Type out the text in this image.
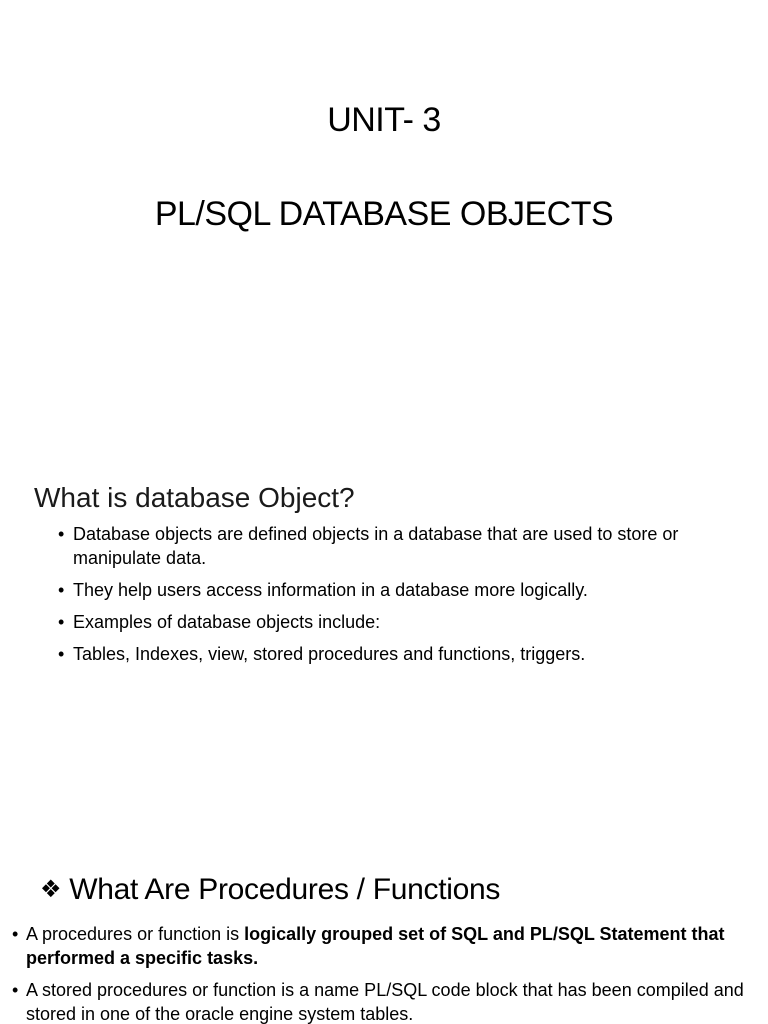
UNIT- 3
PL/SQL DATABASE OBJECTS
What is database Object?
• Database objects are defined objects in a database that are used to store or manipulate data.
• They help users access information in a database more logically.
• Examples of database objects include:
• Tables, Indexes, view, stored procedures and functions, triggers.
❖ What Are Procedures / Functions
• A procedures or function is logically grouped set of SQL and PL/SQL Statement that performed a specific tasks.
• A stored procedures or function is a name PL/SQL code block that has been compiled and stored in one of the oracle engine system tables.
